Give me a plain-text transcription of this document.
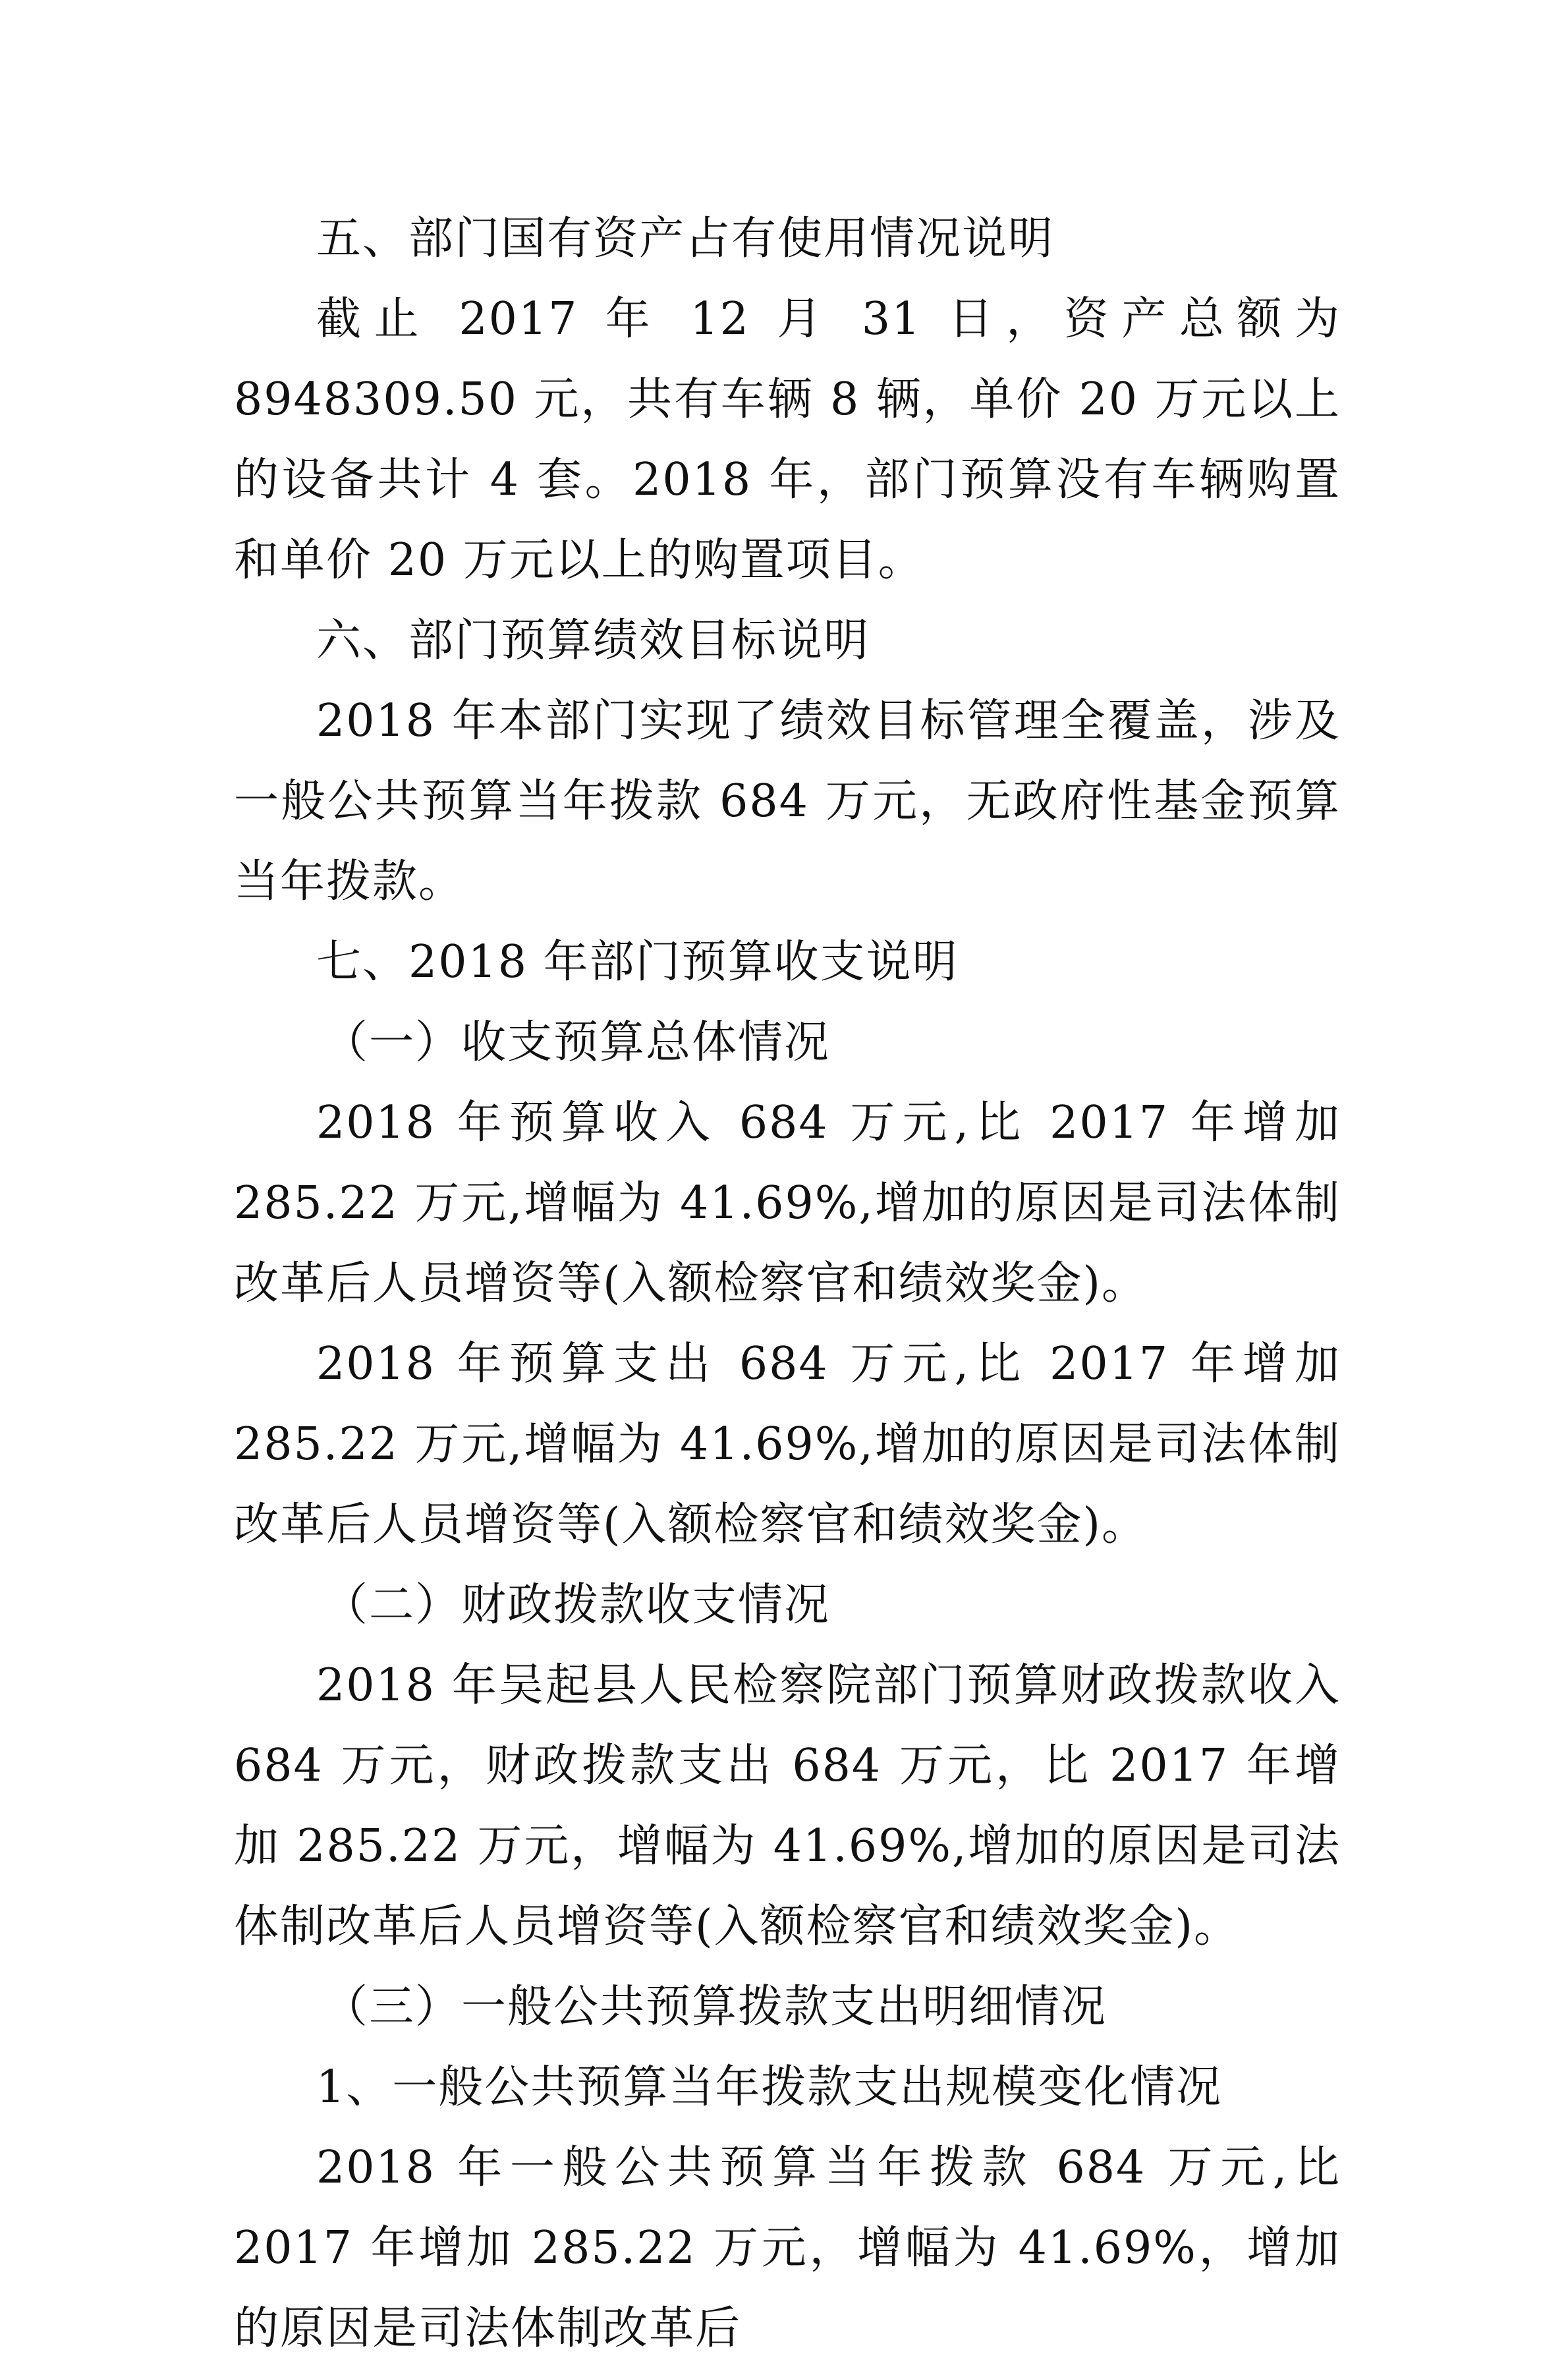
五、部门国有资产占有使用情况说明

截止 2017 年 12 月 31 日，资产总额为 8948309.50 元，共有车辆 8 辆，单价 20 万元以上的设备共计 4 套。2018 年，部门预算没有车辆购置和单价 20 万元以上的购置项目。

六、部门预算绩效目标说明

2018 年本部门实现了绩效目标管理全覆盖，涉及一般公共预算当年拨款 684 万元，无政府性基金预算当年拨款。

七、2018 年部门预算收支说明

（一）收支预算总体情况

2018 年预算收入 684 万元,比 2017 年增加 285.22 万元,增幅为 41.69%,增加的原因是司法体制改革后人员增资等(入额检察官和绩效奖金)。

2018 年预算支出 684 万元,比 2017 年增加 285.22 万元,增幅为 41.69%,增加的原因是司法体制改革后人员增资等(入额检察官和绩效奖金)。

（二）财政拨款收支情况

2018 年吴起县人民检察院部门预算财政拨款收入 684 万元，财政拨款支出 684 万元，比 2017 年增加 285.22 万元，增幅为 41.69%,增加的原因是司法体制改革后人员增资等(入额检察官和绩效奖金)。

（三）一般公共预算拨款支出明细情况

1、一般公共预算当年拨款支出规模变化情况

2018 年一般公共预算当年拨款 684 万元,比 2017 年增加 285.22 万元，增幅为 41.69%，增加的原因是司法体制改革后
